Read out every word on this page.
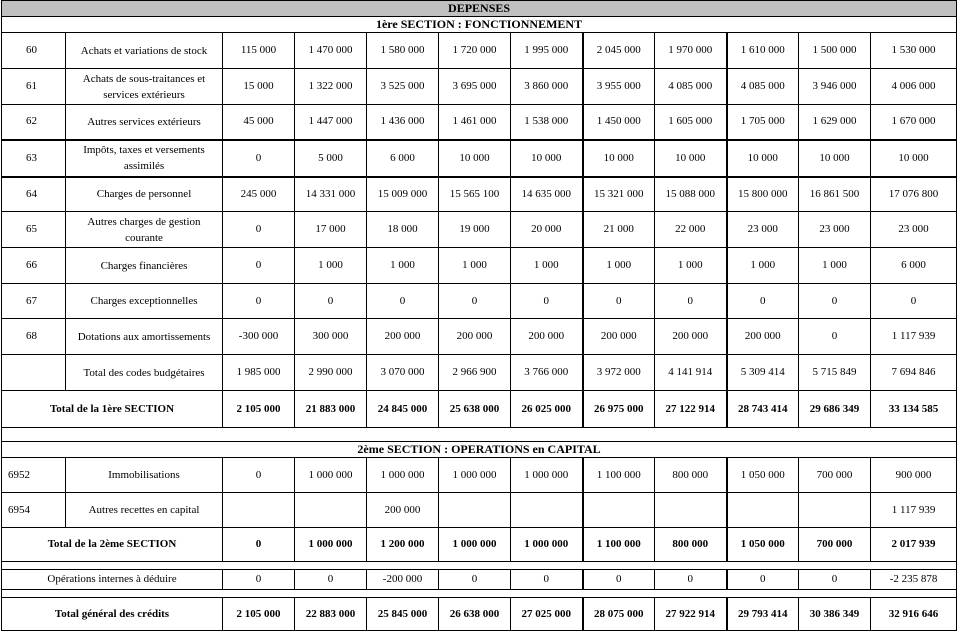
DEPENSES											
1ère SECTION : FONCTIONNEMENT											
60	Achats et variations de stock	115 000	1 470 000	1 580 000	1 720 000	1 995 000	2 045 000	1 970 000	1 610 000	1 500 000	1 530 000
61	Achats de sous-traitances et services extérieurs	15 000	1 322 000	3 525 000	3 695 000	3 860 000	3 955 000	4 085 000	4 085 000	3 946 000	4 006 000
62	Autres services extérieurs	45 000	1 447 000	1 436 000	1 461 000	1 538 000	1 450 000	1 605 000	1 705 000	1 629 000	1 670 000
63	Impôts, taxes et versements assimilés	0	5 000	6 000	10 000	10 000	10 000	10 000	10 000	10 000	10 000
64	Charges de personnel	245 000	14 331 000	15 009 000	15 565 100	14 635 000	15 321 000	15 088 000	15 800 000	16 861 500	17 076 800
65	Autres charges de gestion courante	0	17 000	18 000	19 000	20 000	21 000	22 000	23 000	23 000	23 000
66	Charges financières	0	1 000	1 000	1 000	1 000	1 000	1 000	1 000	1 000	6 000
67	Charges exceptionnelles	0	0	0	0	0	0	0	0	0	0
68	Dotations aux amortissements	-300 000	300 000	200 000	200 000	200 000	200 000	200 000	200 000	0	1 117 939
	Total des codes budgétaires	1 985 000	2 990 000	3 070 000	2 966 900	3 766 000	3 972 000	4 141 914	5 309 414	5 715 849	7 694 846
Total de la 1ère SECTION		2 105 000	21 883 000	24 845 000	25 638 000	26 025 000	26 975 000	27 122 914	28 743 414	29 686 349	33 134 585

2ème SECTION : OPERATIONS en CAPITAL											
6952	Immobilisations	0	1 000 000	1 000 000	1 000 000	1 000 000	1 100 000	800 000	1 050 000	700 000	900 000
6954	Autres recettes en capital			200 000							1 117 939
Total de la 2ème SECTION		0	1 000 000	1 200 000	1 000 000	1 000 000	1 100 000	800 000	1 050 000	700 000	2 017 939

Opérations internes à déduire		0	0	-200 000	0	0	0	0	0	0	-2 235 878

Total général des crédits		2 105 000	22 883 000	25 845 000	26 638 000	27 025 000	28 075 000	27 922 914	29 793 414	30 386 349	32 916 646
